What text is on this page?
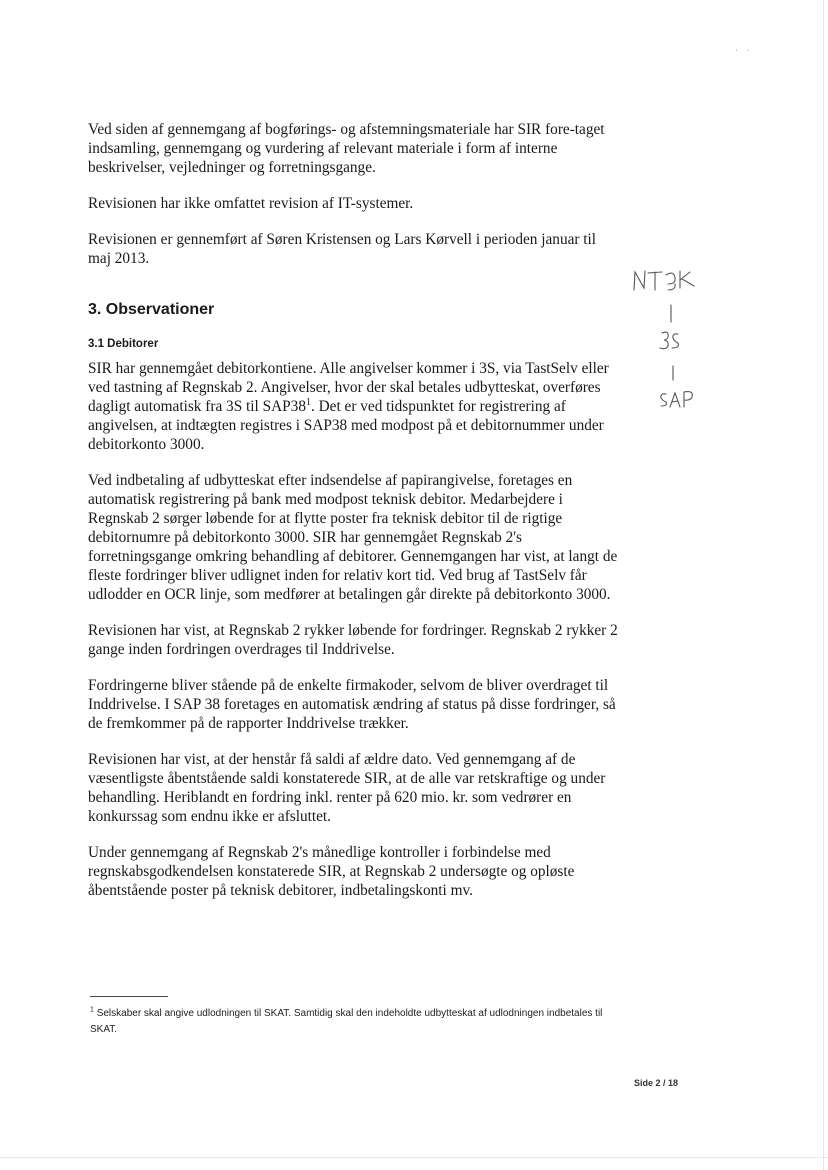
· ·

Ved siden af gennemgang af bogførings- og afstemningsmateriale har SIR fore-taget indsamling, gennemgang og vurdering af relevant materiale i form af interne beskrivelser, vejledninger og forretningsgange.

Revisionen har ikke omfattet revision af IT-systemer.

Revisionen er gennemført af Søren Kristensen og Lars Kørvell i perioden januar til maj 2013.

3. Observationer
3.1 Debitorer

SIR har gennemgået debitorkontiene. Alle angivelser kommer i 3S, via TastSelv eller ved tastning af Regnskab 2. Angivelser, hvor der skal betales udbytteskat, overføres dagligt automatisk fra 3S til $SAP38^1$. Det er ved tidspunktet for registrering af angivelsen, at indtægten registres i SAP38 med modpost på et debitornummer under debitorkonto 3000.

Ved indbetaling af udbytteskat efter indsendelse af papirangivelse, foretages en automatisk registrering på bank med modpost teknisk debitor. Medarbejdere i Regnskab 2 sørger løbende for at flytte poster fra teknisk debitor til de rigtige debitornumre på debitorkonto 3000. SIR har gennemgået Regnskab 2's forretningsgange omkring behandling af debitorer. Gennemgangen har vist, at langt de fleste fordringer bliver udlignet inden for relativ kort tid. Ved brug af TastSelv får udlodder en OCR linje, som medfører at betalingen går direkte på debitorkonto 3000.

Revisionen har vist, at Regnskab 2 rykker løbende for fordringer. Regnskab 2 rykker 2 gange inden fordringen overdrages til Inddrivelse.

Fordringerne bliver stående på de enkelte firmakoder, selvom de bliver overdraget til Inddrivelse. I SAP 38 foretages en automatisk ændring af status på disse fordringer, så de fremkommer på de rapporter Inddrivelse trækker.

Revisionen har vist, at der henstår få saldi af ældre dato. Ved gennemgang af de væsentligste åbentstående saldi konstaterede SIR, at de alle var retskraftige og under behandling. Heriblandt en fordring inkl. renter på 620 mio. kr. som vedrører en konkurssag som endnu ikke er afsluttet.

Under gennemgang af Regnskab 2's månedlige kontroller i forbindelse med regnskabsgodkendelsen konstaterede SIR, at Regnskab 2 undersøgte og opløste åbentstående poster på teknisk debitorer, indbetalingskonti mv.

$^1$ Selskaber skal angive udlodningen til SKAT. Samtidig skal den indeholdte udbytteskat af udlodningen indbetales til SKAT.
Side 2 / 18
